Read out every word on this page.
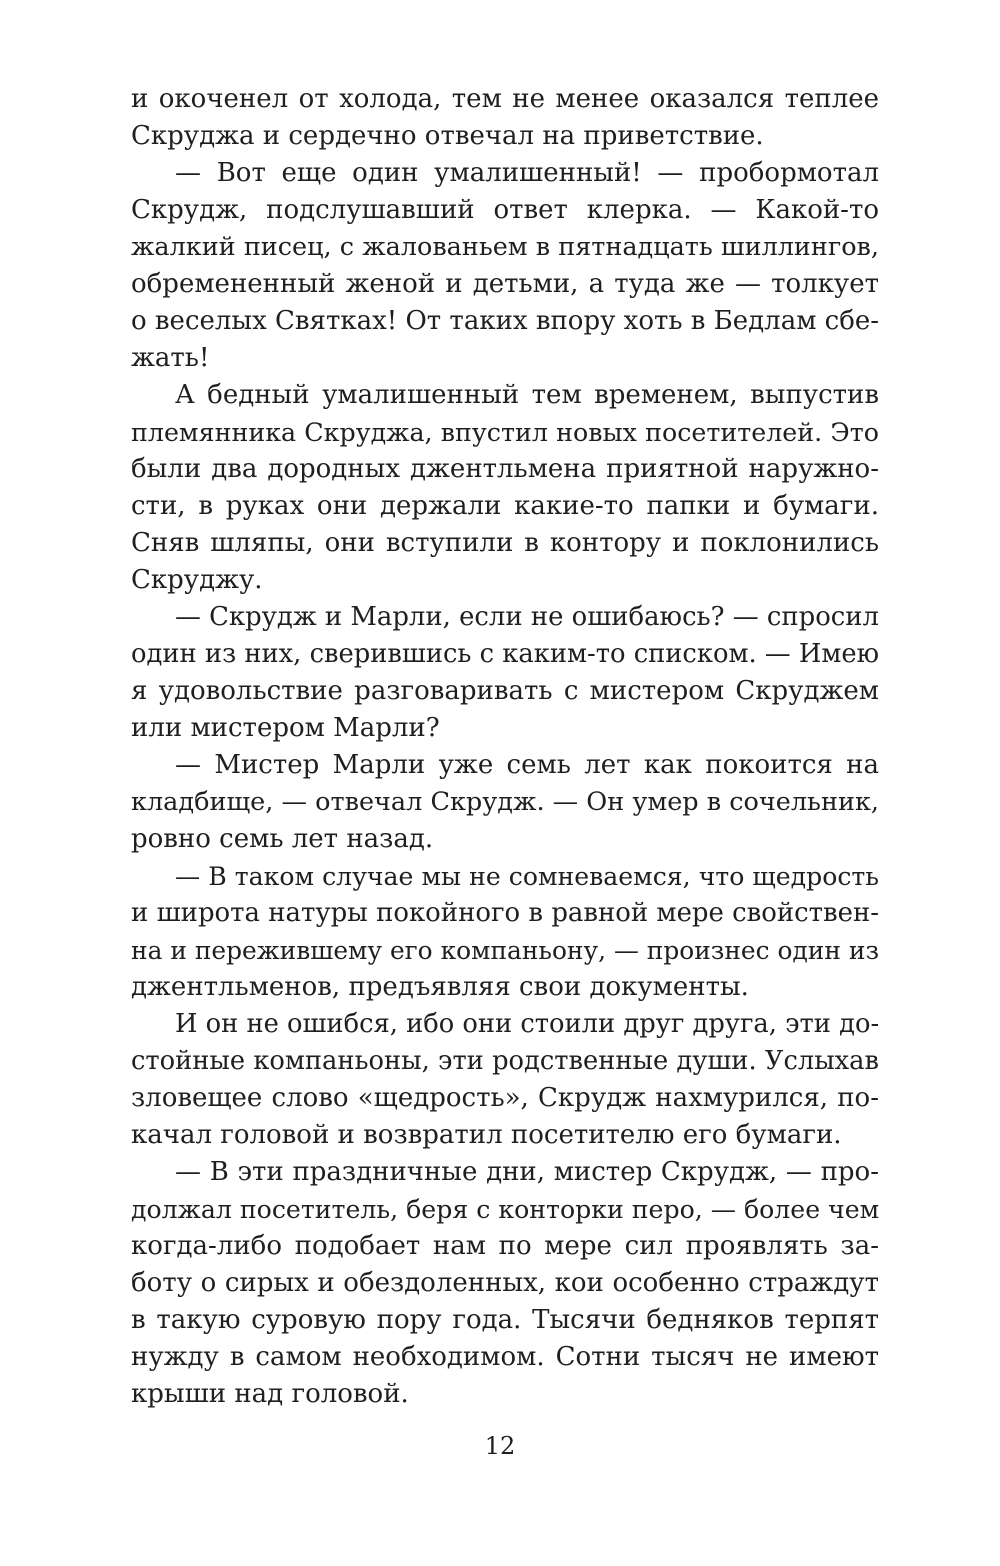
и окоченел от холода, тем не менее оказался теплее
Скруджа и сердечно отвечал на приветствие.
— Вот еще один умалишенный! — пробормотал
Скрудж, подслушавший ответ клерка. — Какой-то
жалкий писец, с жалованьем в пятнадцать шиллингов,
обремененный женой и детьми, а туда же — толкует
о веселых Святках! От таких впору хоть в Бедлам сбе-
жать!
А бедный умалишенный тем временем, выпустив
племянника Скруджа, впустил новых посетителей. Это
были два дородных джентльмена приятной наружно-
сти, в руках они держали какие-то папки и бумаги.
Сняв шляпы, они вступили в контору и поклонились
Скруджу.
— Скрудж и Марли, если не ошибаюсь? — спросил
один из них, сверившись с каким-то списком. — Имею
я удовольствие разговаривать с мистером Скруджем
или мистером Марли?
— Мистер Марли уже семь лет как покоится на
кладбище, — отвечал Скрудж. — Он умер в сочельник,
ровно семь лет назад.
— В таком случае мы не сомневаемся, что щедрость
и широта натуры покойного в равной мере свойствен-
на и пережившему его компаньону, — произнес один из
джентльменов, предъявляя свои документы.
И он не ошибся, ибо они стоили друг друга, эти до-
стойные компаньоны, эти родственные души. Услыхав
зловещее слово «щедрость», Скрудж нахмурился, по-
качал головой и возвратил посетителю его бумаги.
— В эти праздничные дни, мистер Скрудж, — про-
должал посетитель, беря с конторки перо, — более чем
когда-либо подобает нам по мере сил проявлять за-
боту о сирых и обездоленных, кои особенно страждут
в такую суровую пору года. Тысячи бедняков терпят
нужду в самом необходимом. Сотни тысяч не имеют
крыши над головой.
12
